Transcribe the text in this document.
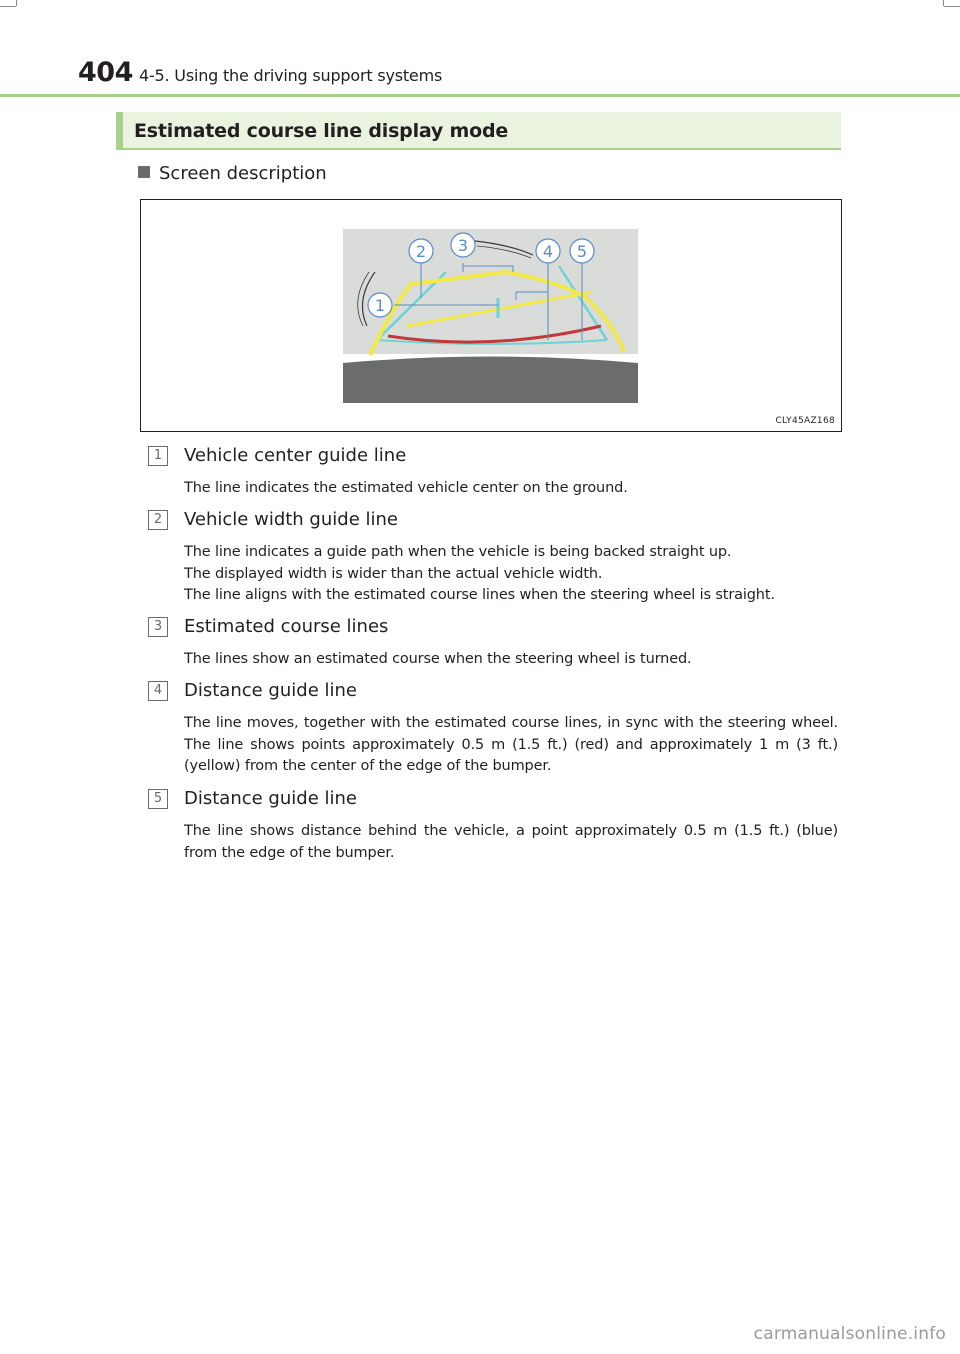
404 4-5. Using the driving support systems
Estimated course line display mode
Screen description
1
2 3	4 5
CLY45AZ168
1	Vehicle center guide line

The line indicates the estimated vehicle center on the ground.

2	Vehicle width guide line

The line indicates a guide path when the vehicle is being backed straight up.

The displayed width is wider than the actual vehicle width.

The line aligns with the estimated course lines when the steering wheel is straight.

3	Estimated course lines

The lines show an estimated course when the steering wheel is turned.

4	Distance guide line

The line moves, together with the estimated course lines, in sync with the steering wheel. The line shows points approximately 0.5 m (1.5 ft.) (red) and approximately 1 m (3 ft.) (yellow) from the center of the edge of the bumper.

5	Distance guide line

The line shows distance behind the vehicle, a point approximately 0.5 m (1.5 ft.) (blue) from the edge of the bumper.

carmanualsonline.info
